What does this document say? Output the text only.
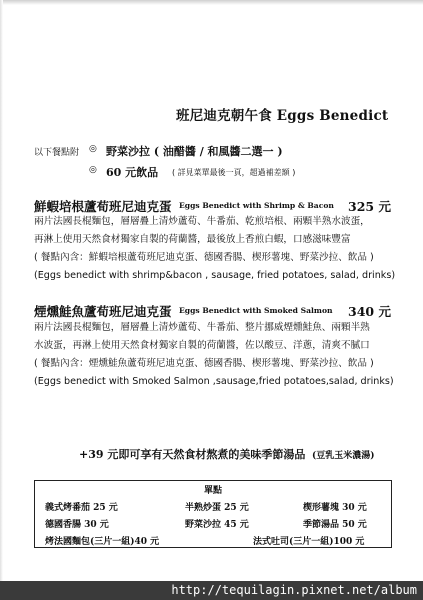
班尼迪克朝午食 Eggs Benedict
以下餐點附 ◎ 野菜沙拉 ( 油醋醬 / 和風醬二選一 )
◎ 60 元飲品 ( 詳見菜單最後一頁，超過補差額 )
鮮蝦培根蘆荀班尼迪克蛋 Eggs Benedict with Shrimp & Bacon 325 元
兩片法國長棍麵包，層層疊上清炒蘆荀、牛番茄、乾煎培根、兩顆半熟水波蛋，
再淋上使用天然食材獨家自製的荷蘭醬，最後放上香煎白蝦，口感滋味豐富
( 餐點內含：鮮蝦培根蘆荀班尼迪克蛋、德國香腸、楔形薯塊、野菜沙拉、飲品 )
(Eggs benedict with shrimp&bacon , sausage, fried potatoes, salad, drinks)
煙燻鮭魚蘆荀班尼迪克蛋 Eggs Benedict with Smoked Salmon 340 元
兩片法國長棍麵包，層層疊上清炒蘆荀、牛番茄、整片挪威煙燻鮭魚、兩顆半熟
水波蛋，再淋上使用天然食材獨家自製的荷蘭醬，佐以酸豆、洋蔥，清爽不膩口
( 餐點內含：煙燻鮭魚蘆荀班尼迪克蛋、德國香腸、楔形薯塊、野菜沙拉、飲品 )
(Eggs benedict with Smoked Salmon ,sausage,fried potatoes,salad, drinks)
+39 元即可享有天然食材熬煮的美味季節湯品 (豆乳玉米濃湯)
單點
義式烤番茄 25 元	半熟炒蛋 25 元	楔形薯塊 30 元
德國香腸 30 元	野菜沙拉 45 元	季節湯品 50 元
烤法國麵包(三片一組)40 元	法式吐司(三片一組)100 元
http://tequilagin.pixnet.net/album
